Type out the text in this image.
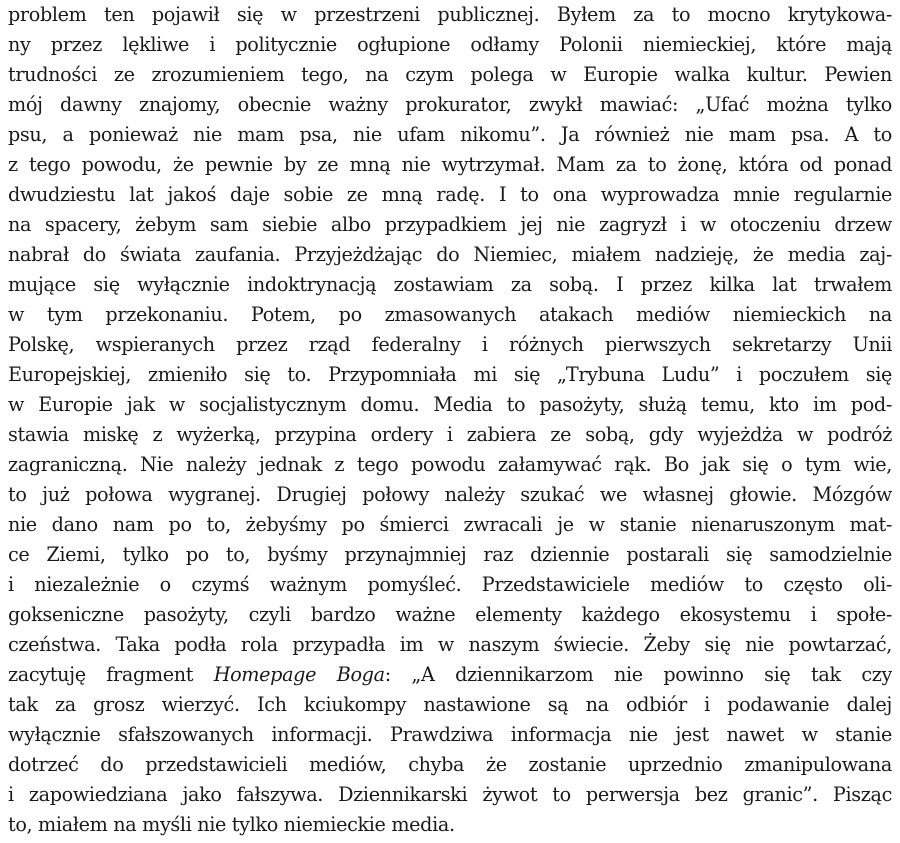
problem ten pojawił się w przestrzeni publicznej. Byłem za to mocno krytykowa-
ny przez lękliwe i politycznie ogłupione odłamy Polonii niemieckiej, które mają
trudności ze zrozumieniem tego, na czym polega w Europie walka kultur. Pewien
mój dawny znajomy, obecnie ważny prokurator, zwykł mawiać: „Ufać można tylko
psu, a ponieważ nie mam psa, nie ufam nikomu”. Ja również nie mam psa. A to
z tego powodu, że pewnie by ze mną nie wytrzymał. Mam za to żonę, która od ponad
dwudziestu lat jakoś daje sobie ze mną radę. I to ona wyprowadza mnie regularnie
na spacery, żebym sam siebie albo przypadkiem jej nie zagryzł i w otoczeniu drzew
nabrał do świata zaufania. Przyjeżdżając do Niemiec, miałem nadzieję, że media zaj-
mujące się wyłącznie indoktrynacją zostawiam za sobą. I przez kilka lat trwałem
w tym przekonaniu. Potem, po zmasowanych atakach mediów niemieckich na
Polskę, wspieranych przez rząd federalny i różnych pierwszych sekretarzy Unii
Europejskiej, zmieniło się to. Przypomniała mi się „Trybuna Ludu” i poczułem się
w Europie jak w socjalistycznym domu. Media to pasożyty, służą temu, kto im pod-
stawia miskę z wyżerką, przypina ordery i zabiera ze sobą, gdy wyjeżdża w podróż
zagraniczną. Nie należy jednak z tego powodu załamywać rąk. Bo jak się o tym wie,
to już połowa wygranej. Drugiej połowy należy szukać we własnej głowie. Mózgów
nie dano nam po to, żebyśmy po śmierci zwracali je w stanie nienaruszonym mat-
ce Ziemi, tylko po to, byśmy przynajmniej raz dziennie postarali się samodzielnie
i niezależnie o czymś ważnym pomyśleć. Przedstawiciele mediów to często oli-
gokseniczne pasożyty, czyli bardzo ważne elementy każdego ekosystemu i społe-
czeństwa. Taka podła rola przypadła im w naszym świecie. Żeby się nie powtarzać,
zacytuję fragment Homepage Boga: „A dziennikarzom nie powinno się tak czy
tak za grosz wierzyć. Ich kciukompy nastawione są na odbiór i podawanie dalej
wyłącznie sfałszowanych informacji. Prawdziwa informacja nie jest nawet w stanie
dotrzeć do przedstawicieli mediów, chyba że zostanie uprzednio zmanipulowana
i zapowiedziana jako fałszywa. Dziennikarski żywot to perwersja bez granic”. Pisząc
to, miałem na myśli nie tylko niemieckie media.
